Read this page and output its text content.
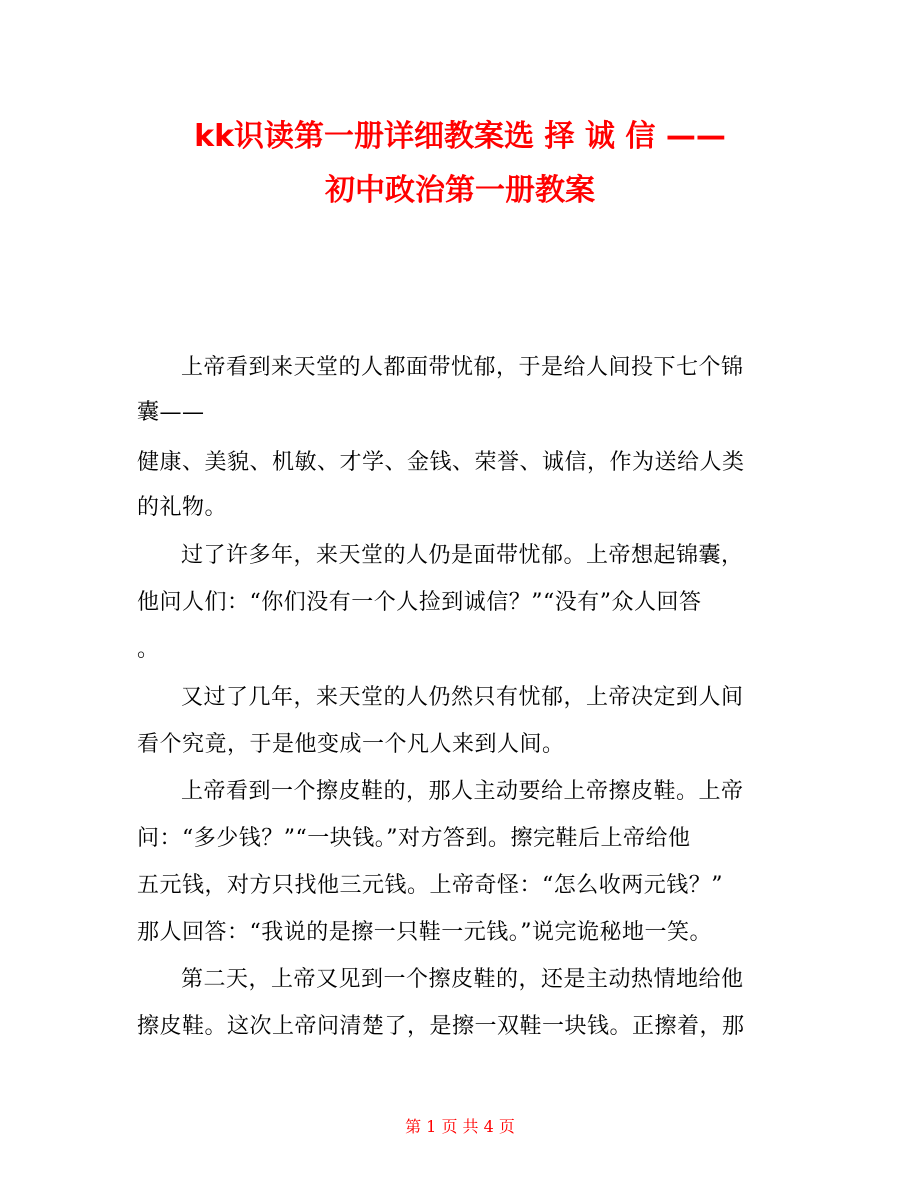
kk识读第一册详细教案选 择 诚 信 ——
初中政治第一册教案
上帝看到来天堂的人都面带忧郁，于是给人间投下七个锦
囊——
健康、美貌、机敏、才学、金钱、荣誉、诚信，作为送给人类
的礼物。
过了许多年，来天堂的人仍是面带忧郁。上帝想起锦囊，
他问人们：“你们没有一个人捡到诚信？”“没有”众人回答
。
又过了几年，来天堂的人仍然只有忧郁，上帝决定到人间
看个究竟，于是他变成一个凡人来到人间。
上帝看到一个擦皮鞋的，那人主动要给上帝擦皮鞋。上帝
问：“多少钱？”“一块钱。”对方答到。擦完鞋后上帝给他
五元钱，对方只找他三元钱。上帝奇怪：“怎么收两元钱？”
那人回答：“我说的是擦一只鞋一元钱。”说完诡秘地一笑。
第二天，上帝又见到一个擦皮鞋的，还是主动热情地给他
擦皮鞋。这次上帝问清楚了，是擦一双鞋一块钱。正擦着，那
第 1 页 共 4 页
